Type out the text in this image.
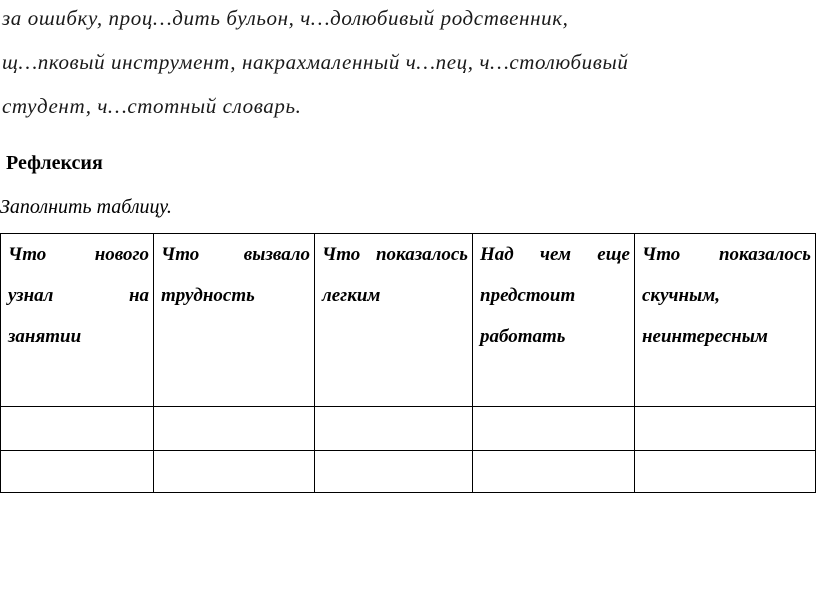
за ошибку, проц…дить бульон, ч…долюбивый родственник,
щ…пковый инструмент, накрахмаленный ч…пец, ч…столюбивый
студент, ч…стотный словарь.
Рефлексия
Заполнить таблицу.
Что нового узнал на занятии	Что вызвало трудность	Что показалось легким	Над чем еще предстоит работать	Что показалось скучным, неинтересным
